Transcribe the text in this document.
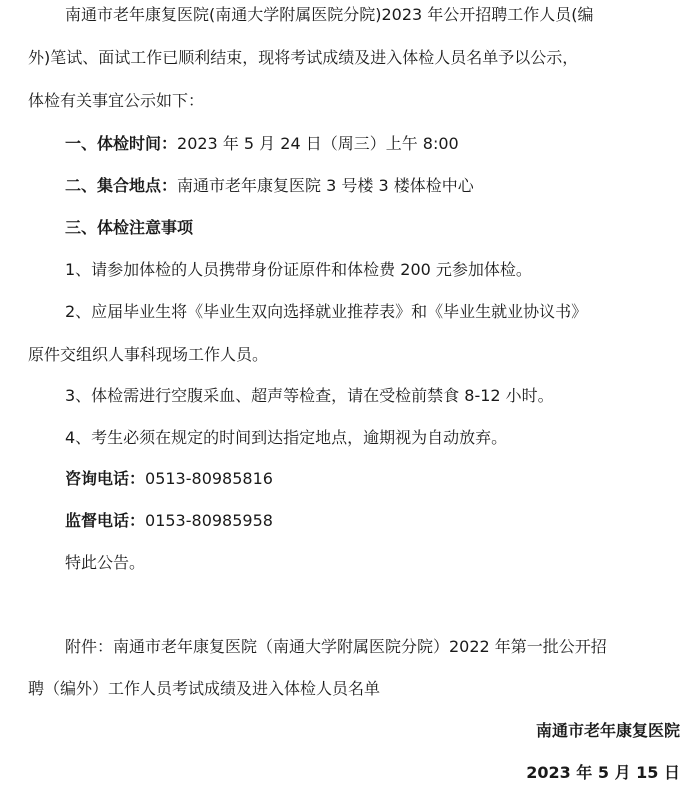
南通市老年康复医院(南通大学附属医院分院)2023 年公开招聘工作人员(编
外)笔试、面试工作已顺利结束，现将考试成绩及进入体检人员名单予以公示，
体检有关事宜公示如下：
一、体检时间：2023 年 5 月 24 日（周三）上午 8:00
二、集合地点：南通市老年康复医院 3 号楼 3 楼体检中心
三、体检注意事项
1、请参加体检的人员携带身份证原件和体检费 200 元参加体检。
2、应届毕业生将《毕业生双向选择就业推荐表》和《毕业生就业协议书》
原件交组织人事科现场工作人员。
3、体检需进行空腹采血、超声等检查，请在受检前禁食 8-12 小时。
4、考生必须在规定的时间到达指定地点，逾期视为自动放弃。
咨询电话：0513-80985816
监督电话：0153-80985958
特此公告。
附件：南通市老年康复医院（南通大学附属医院分院）2022 年第一批公开招
聘（编外）工作人员考试成绩及进入体检人员名单
南通市老年康复医院
2023 年 5 月 15 日
